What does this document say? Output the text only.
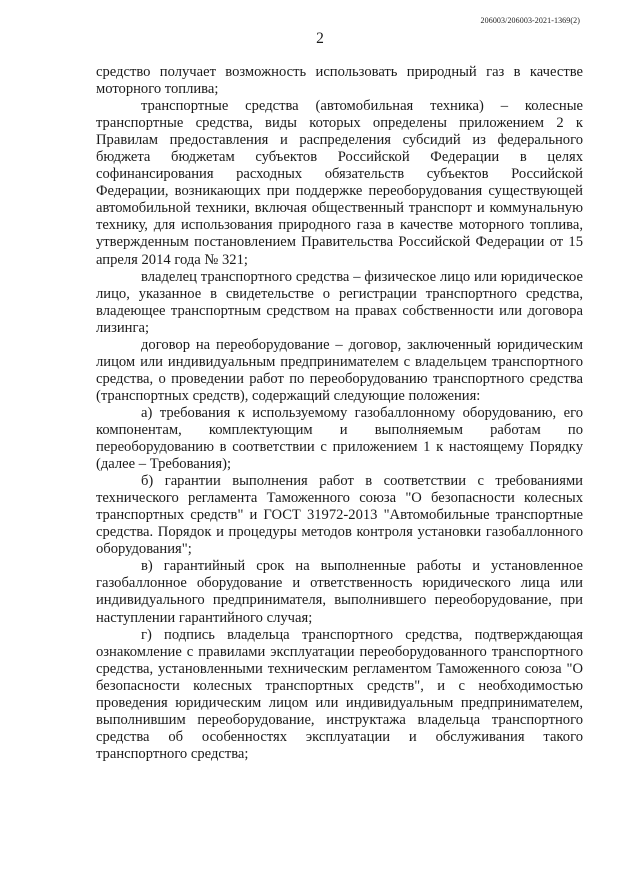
206003/206003-2021-1369(2)
2

средство получает возможность использовать природный газ в качестве моторного топлива;

транспортные средства (автомобильная техника) – колесные транспортные средства, виды которых определены приложением 2 к Правилам предоставления и распределения субсидий из федерального бюджета бюджетам субъектов Российской Федерации в целях софинансирования расходных обязательств субъектов Российской Федерации, возникающих при поддержке переоборудования существующей автомобильной техники, включая общественный транспорт и коммунальную технику, для использования природного газа в качестве моторного топлива, утвержденным постановлением Правительства Российской Федерации от 15 апреля 2014 года № 321;

владелец транспортного средства – физическое лицо или юридическое лицо, указанное в свидетельстве о регистрации транспортного средства, владеющее транспортным средством на правах собственности или договора лизинга;

договор на переоборудование – договор, заключенный юридическим лицом или индивидуальным предпринимателем с владельцем транспортного средства, о проведении работ по переоборудованию транспортного средства (транспортных средств), содержащий следующие положения:

а) требования к используемому газобаллонному оборудованию, его компонентам, комплектующим и выполняемым работам по переоборудованию в соответствии с приложением 1 к настоящему Порядку (далее – Требования);

б) гарантии выполнения работ в соответствии с требованиями технического регламента Таможенного союза "О безопасности колесных транспортных средств" и ГОСТ 31972-2013 "Автомобильные транспортные средства. Порядок и процедуры методов контроля установки газобаллонного оборудования";

в) гарантийный срок на выполненные работы и установленное газобаллонное оборудование и ответственность юридического лица или индивидуального предпринимателя, выполнившего переоборудование, при наступлении гарантийного случая;

г) подпись владельца транспортного средства, подтверждающая ознакомление с правилами эксплуатации переоборудованного транспортного средства, установленными техническим регламентом Таможенного союза "О безопасности колесных транспортных средств", и с необходимостью проведения юридическим лицом или индивидуальным предпринимателем, выполнившим переоборудование, инструктажа владельца транспортного средства об особенностях эксплуатации и обслуживания такого транспортного средства;
